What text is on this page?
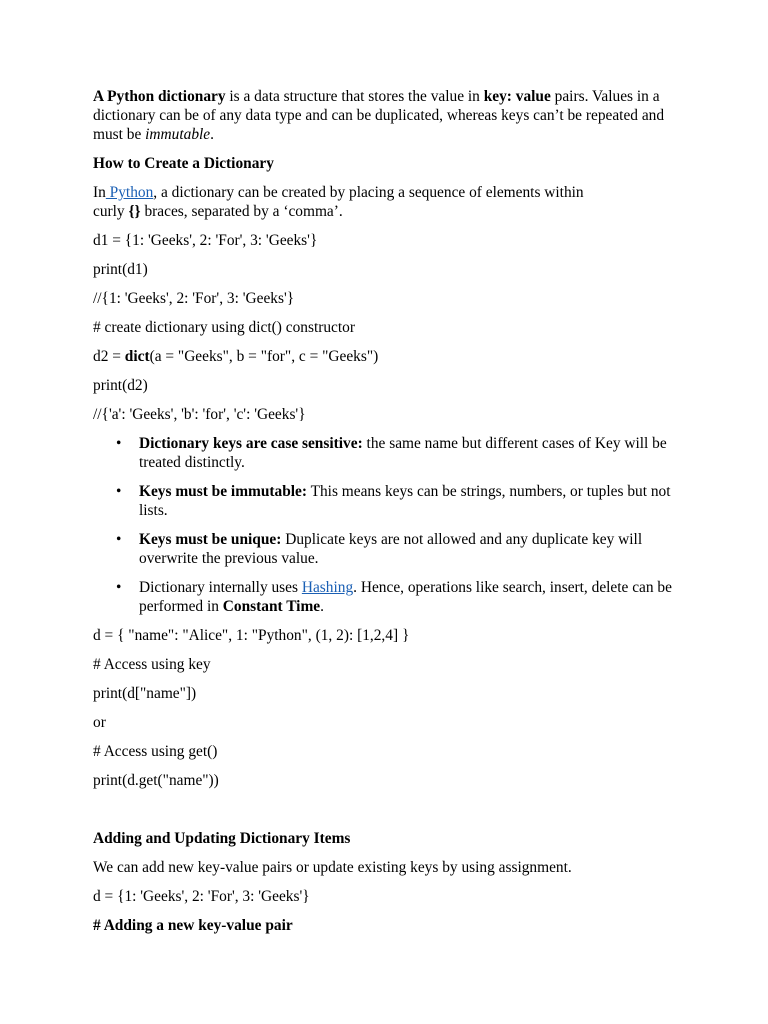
A Python dictionary is a data structure that stores the value in key: value pairs. Values in a dictionary can be of any data type and can be duplicated, whereas keys can’t be repeated and must be immutable.

How to Create a Dictionary

In Python, a dictionary can be created by placing a sequence of elements within
curly {} braces, separated by a ‘comma’.

d1 = {1: 'Geeks', 2: 'For', 3: 'Geeks'}

print(d1)

//{1: 'Geeks', 2: 'For', 3: 'Geeks'}

# create dictionary using dict() constructor

d2 = dict(a = "Geeks", b = "for", c = "Geeks")

print(d2)

//{'a': 'Geeks', 'b': 'for', 'c': 'Geeks'}

• Dictionary keys are case sensitive: the same name but different cases of Key will be treated distinctly.
• Keys must be immutable: This means keys can be strings, numbers, or tuples but not lists.
• Keys must be unique: Duplicate keys are not allowed and any duplicate key will overwrite the previous value.
• Dictionary internally uses Hashing. Hence, operations like search, insert, delete can be performed in Constant Time.

d = { "name": "Alice", 1: "Python", (1, 2): [1,2,4] }

# Access using key

print(d["name"])

or

# Access using get()

print(d.get("name"))

Adding and Updating Dictionary Items

We can add new key-value pairs or update existing keys by using assignment.

d = {1: 'Geeks', 2: 'For', 3: 'Geeks'}

# Adding a new key-value pair
